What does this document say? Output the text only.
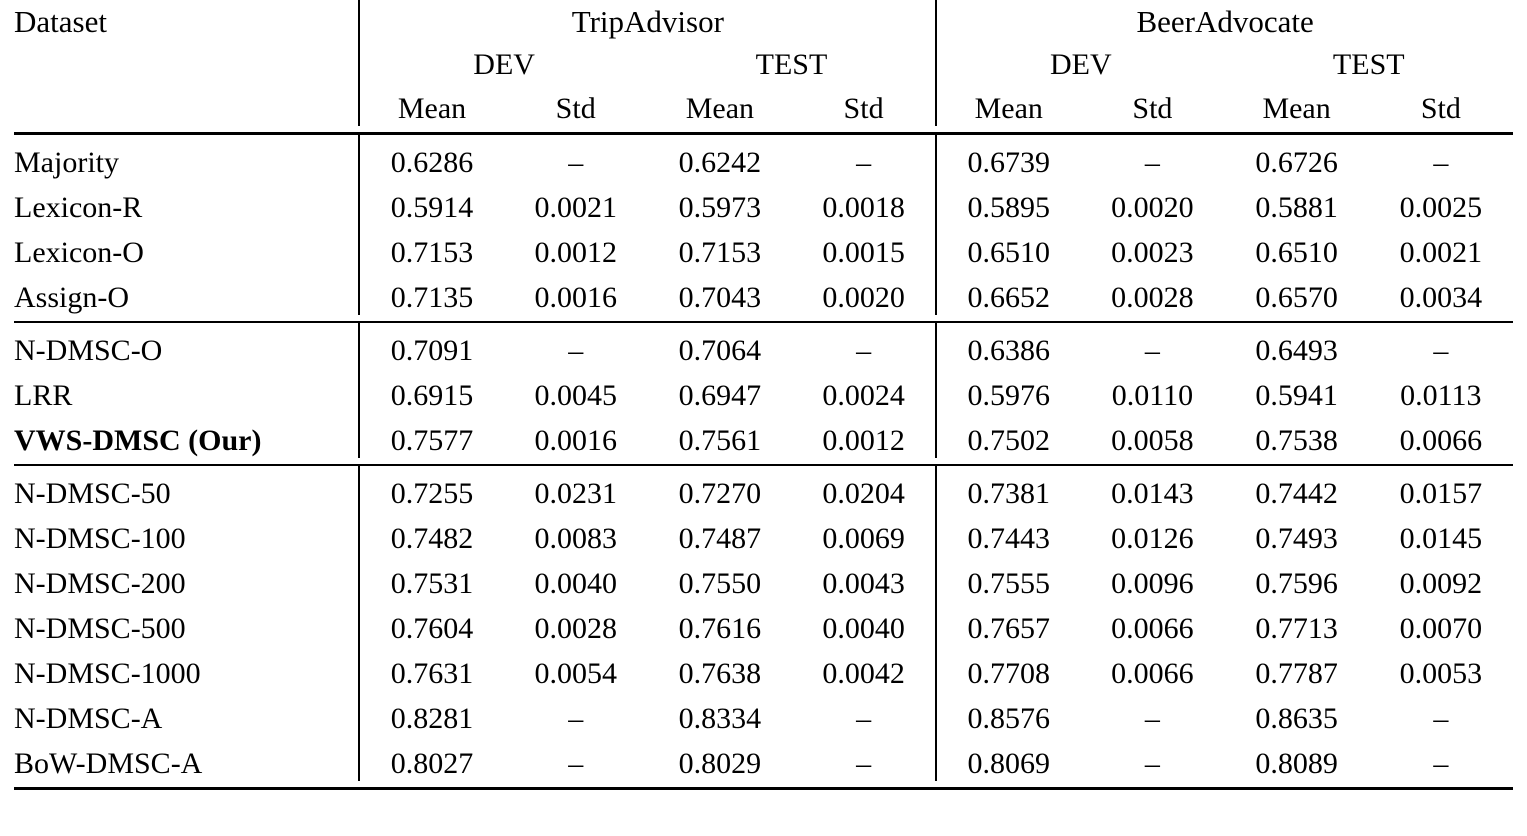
Dataset	TripAdvisor				BeerAdvocate			
	DEV		TEST		DEV		TEST	
	Mean	Std	Mean	Std	Mean	Std	Mean	Std

Majority	0.6286	–	0.6242	–	0.6739	–	0.6726	–
Lexicon-R	0.5914	0.0021	0.5973	0.0018	0.5895	0.0020	0.5881	0.0025
Lexicon-O	0.7153	0.0012	0.7153	0.0015	0.6510	0.0023	0.6510	0.0021
Assign-O	0.7135	0.0016	0.7043	0.0020	0.6652	0.0028	0.6570	0.0034

N-DMSC-O	0.7091	–	0.7064	–	0.6386	–	0.6493	–
LRR	0.6915	0.0045	0.6947	0.0024	0.5976	0.0110	0.5941	0.0113
VWS-DMSC (Our)	0.7577	0.0016	0.7561	0.0012	0.7502	0.0058	0.7538	0.0066

N-DMSC-50	0.7255	0.0231	0.7270	0.0204	0.7381	0.0143	0.7442	0.0157
N-DMSC-100	0.7482	0.0083	0.7487	0.0069	0.7443	0.0126	0.7493	0.0145
N-DMSC-200	0.7531	0.0040	0.7550	0.0043	0.7555	0.0096	0.7596	0.0092
N-DMSC-500	0.7604	0.0028	0.7616	0.0040	0.7657	0.0066	0.7713	0.0070
N-DMSC-1000	0.7631	0.0054	0.7638	0.0042	0.7708	0.0066	0.7787	0.0053
N-DMSC-A	0.8281	–	0.8334	–	0.8576	–	0.8635	–
BoW-DMSC-A	0.8027	–	0.8029	–	0.8069	–	0.8089	–
